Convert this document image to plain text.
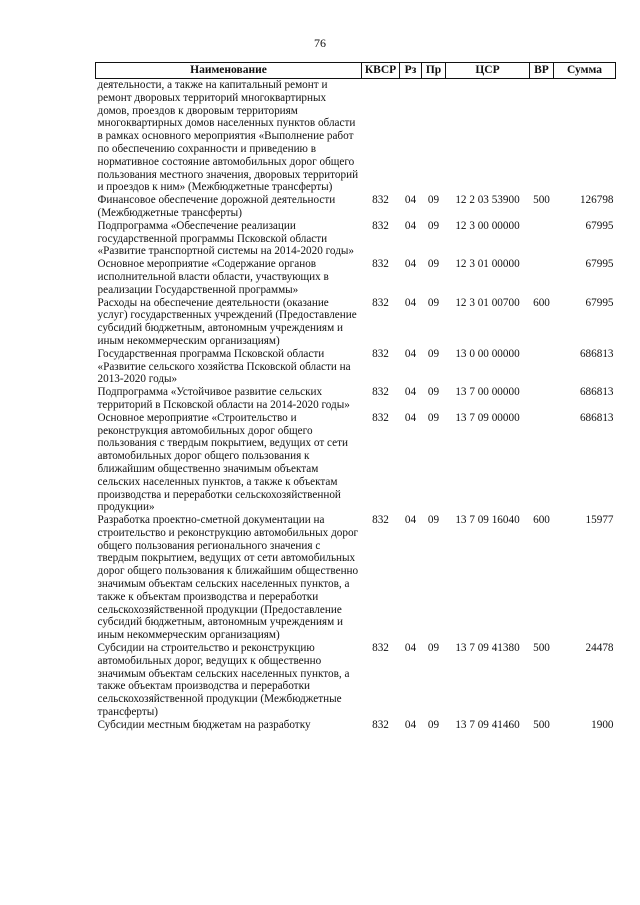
76
Наименование	КВСР	Рз	Пр	ЦСР	ВР	Сумма
деятельности, а также на капитальный ремонт и ремонт дворовых территорий многоквартирных домов, проездов к дворовым территориям многоквартирных домов населенных пунктов области в рамках основного мероприятия «Выполнение работ по обеспечению сохранности и приведению в нормативное состояние автомобильных дорог общего пользования местного значения, дворовых территорий и проездов к ним» (Межбюджетные трансферты)						
Финансовое обеспечение дорожной деятельности (Межбюджетные трансферты)	832	04	09	12 2 03 53900	500	126798
Подпрограмма «Обеспечение реализации государственной программы Псковской области «Развитие транспортной системы на 2014-2020 годы»	832	04	09	12 3 00 00000		67995
Основное мероприятие «Содержание органов исполнительной власти области, участвующих в реализации Государственной программы»	832	04	09	12 3 01 00000		67995
Расходы на обеспечение деятельности (оказание услуг) государственных учреждений (Предоставление субсидий бюджетным, автономным учреждениям и иным некоммерческим организациям)	832	04	09	12 3 01 00700	600	67995
Государственная программа Псковской области «Развитие сельского хозяйства Псковской области на 2013-2020 годы»	832	04	09	13 0 00 00000		686813
Подпрограмма «Устойчивое развитие сельских территорий в Псковской области на 2014-2020 годы»	832	04	09	13 7 00 00000		686813
Основное мероприятие «Строительство и реконструкция автомобильных дорог общего пользования с твердым покрытием, ведущих от сети автомобильных дорог общего пользования к ближайшим общественно значимым объектам сельских населенных пунктов, а также к объектам производства и переработки сельскохозяйственной продукции»	832	04	09	13 7 09 00000		686813
Разработка проектно-сметной документации на строительство и реконструкцию автомобильных дорог общего пользования регионального значения с твердым покрытием, ведущих от сети автомобильных дорог общего пользования к ближайшим общественно значимым объектам сельских населенных пунктов, а также к объектам производства и переработки сельскохозяйственной продукции (Предоставление субсидий бюджетным, автономным учреждениям и иным некоммерческим организациям)	832	04	09	13 7 09 16040	600	15977
Субсидии на строительство и реконструкцию автомобильных дорог, ведущих к общественно значимым объектам сельских населенных пунктов, а также объектам производства и переработки сельскохозяйственной продукции (Межбюджетные трансферты)	832	04	09	13 7 09 41380	500	24478
Субсидии местным бюджетам на разработку	832	04	09	13 7 09 41460	500	1900
